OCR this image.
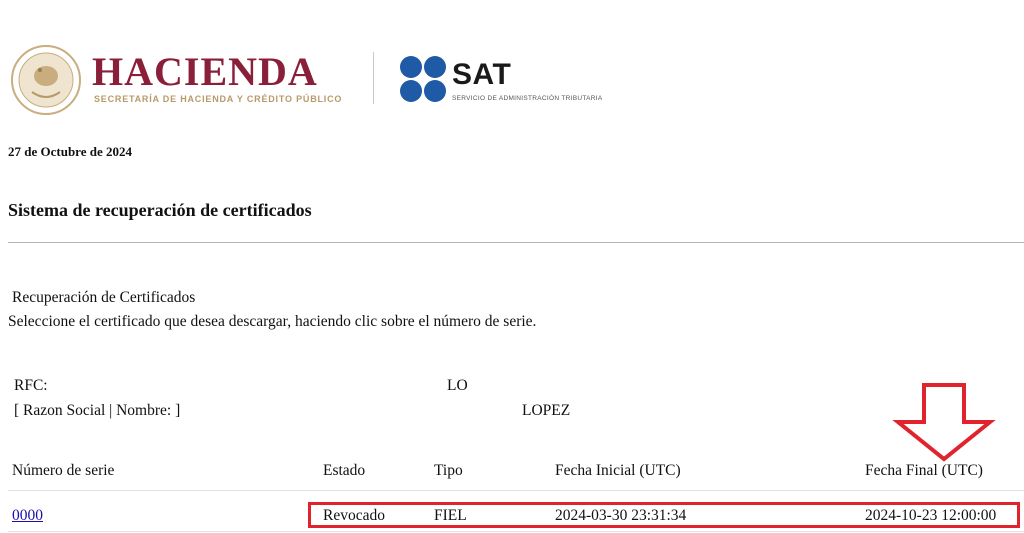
HACIENDA
SECRETARÍA DE HACIENDA Y CRÉDITO PÚBLICO
SAT
SERVICIO DE ADMINISTRACIÓN TRIBUTARIA
27 de Octubre de 2024
Sistema de recuperación de certificados
Recuperación de Certificados
Seleccione el certificado que desea descargar, haciendo clic sobre el número de serie.
RFC:	LO
[ Razon Social | Nombre: ]	LOPEZ
Número de serie	Estado	Tipo	Fecha Inicial (UTC)	Fecha Final (UTC)
0000	Revocado	FIEL	2024-03-30 23:31:34	2024-10-23 12:00:00
